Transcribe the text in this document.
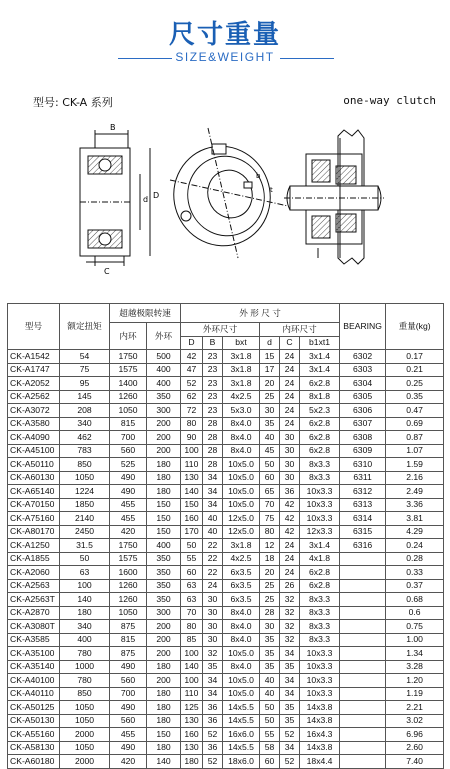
尺寸重量
SIZE&WEIGHT
型号: CK-A 系列	one-way clutch
B
d D
C
b
t
型号	额定扭矩	超越极限转速		外 形 尺 寸						BEARING	重量(kg)
		内环	外环	外环尺寸			内环尺寸				
				D	B	bxt	d	C	b1xt1		
CK-A1542	54	1750	500	42	23	3x1.8	15	24	3x1.4	6302	0.17
CK-A1747	75	1575	400	47	23	3x1.8	17	24	3x1.4	6303	0.21
CK-A2052	95	1400	400	52	23	3x1.8	20	24	6x2.8	6304	0.25
CK-A2562	145	1260	350	62	23	4x2.5	25	24	8x1.8	6305	0.35
CK-A3072	208	1050	300	72	23	5x3.0	30	24	5x2.3	6306	0.47
CK-A3580	340	815	200	80	28	8x4.0	35	24	6x2.8	6307	0.69
CK-A4090	462	700	200	90	28	8x4.0	40	30	6x2.8	6308	0.87
CK-A45100	783	560	200	100	28	8x4.0	45	30	6x2.8	6309	1.07
CK-A50110	850	525	180	110	28	10x5.0	50	30	8x3.3	6310	1.59
CK-A60130	1050	490	180	130	34	10x5.0	60	30	8x3.3	6311	2.16
CK-A65140	1224	490	180	140	34	10x5.0	65	36	10x3.3	6312	2.49
CK-A70150	1850	455	150	150	34	10x5.0	70	42	10x3.3	6313	3.36
CK-A75160	2140	455	150	160	40	12x5.0	75	42	10x3.3	6314	3.81
CK-A80170	2450	420	150	170	40	12x5.0	80	42	12x3.3	6315	4.29
CK-A1250	31.5	1750	400	50	22	3x1.8	12	24	3x1.4	6316	0.24
CK-A1855	50	1575	350	55	22	4x2.5	18	24	4x1.8		0.28
CK-A2060	63	1600	350	60	22	6x3.5	20	24	6x2.8		0.33
CK-A2563	100	1260	350	63	24	6x3.5	25	26	6x2.8		0.37
CK-A2563T	140	1260	350	63	30	6x3.5	25	32	8x3.3		0.68
CK-A2870	180	1050	300	70	30	8x4.0	28	32	8x3.3		0.6
CK-A3080T	340	875	200	80	30	8x4.0	30	32	8x3.3		0.75
CK-A3585	400	815	200	85	30	8x4.0	35	32	8x3.3		1.00
CK-A35100	780	875	200	100	32	10x5.0	35	34	10x3.3		1.34
CK-A35140	1000	490	180	140	35	8x4.0	35	35	10x3.3		3.28
CK-A40100	780	560	200	100	34	10x5.0	40	34	10x3.3		1.20
CK-A40110	850	700	180	110	34	10x5.0	40	34	10x3.3		1.19
CK-A50125	1050	490	180	125	36	14x5.5	50	35	14x3.8		2.21
CK-A50130	1050	560	180	130	36	14x5.5	50	35	14x3.8		3.02
CK-A55160	2000	455	150	160	52	16x6.0	55	52	16x4.3		6.96
CK-A58130	1050	490	180	130	36	14x5.5	58	34	14x3.8		2.60
CK-A60180	2000	420	140	180	52	18x6.0	60	52	18x4.4		7.40
